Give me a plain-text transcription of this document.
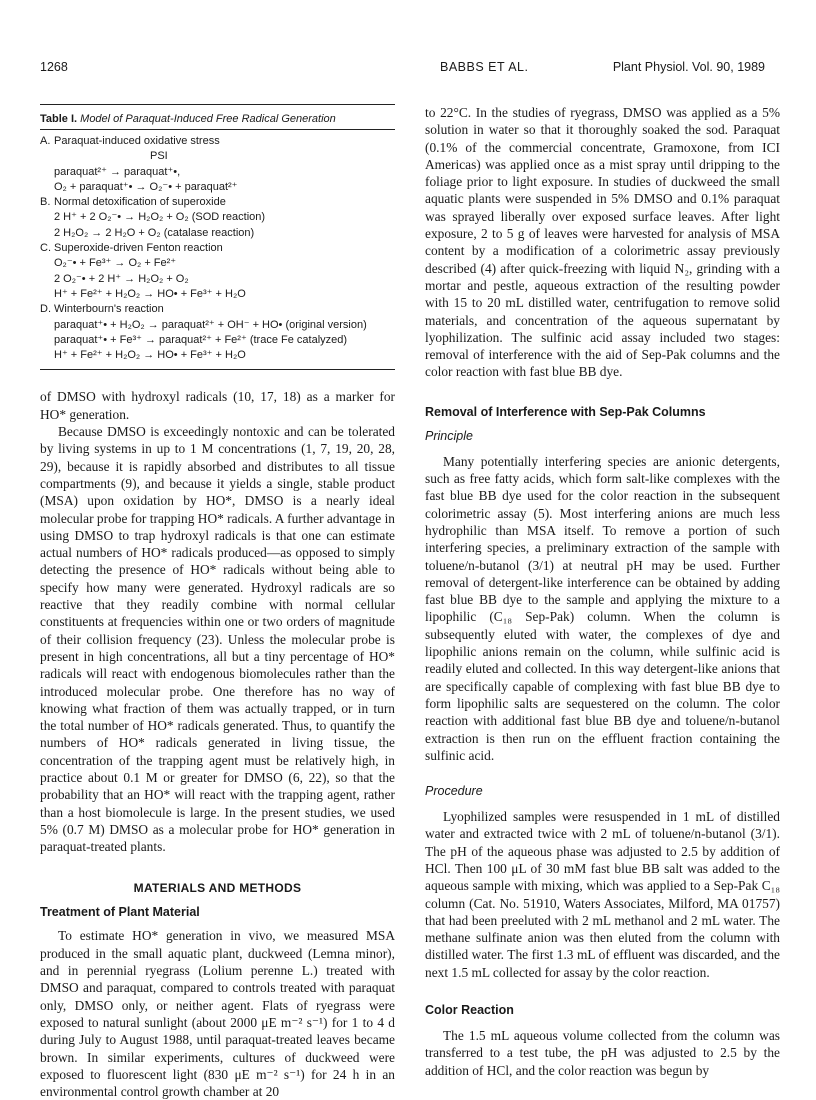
1268	BABBS ET AL.	Plant Physiol. Vol. 90, 1989
Table I. Model of Paraquat-Induced Free Radical Generation
A. Paraquat-induced oxidative stress
PSI
paraquat²⁺ → paraquat⁺•,
O₂ + paraquat⁺• → O₂⁻• + paraquat²⁺
B. Normal detoxification of superoxide
2 H⁺ + 2 O₂⁻• → H₂O₂ + O₂ (SOD reaction)
2 H₂O₂ → 2 H₂O + O₂ (catalase reaction)
C. Superoxide-driven Fenton reaction
O₂⁻• + Fe³⁺ → O₂ + Fe²⁺
2 O₂⁻• + 2 H⁺ → H₂O₂ + O₂
H⁺ + Fe²⁺ + H₂O₂ → HO• + Fe³⁺ + H₂O
D. Winterbourn's reaction
paraquat⁺• + H₂O₂ → paraquat²⁺ + OH⁻ + HO• (original version)
paraquat⁺• + Fe³⁺ → paraquat²⁺ + Fe²⁺ (trace Fe catalyzed)
H⁺ + Fe²⁺ + H₂O₂ → HO• + Fe³⁺ + H₂O

of DMSO with hydroxyl radicals (10, 17, 18) as a marker for HO* generation.

Because DMSO is exceedingly nontoxic and can be tolerated by living systems in up to 1 M concentrations (1, 7, 19, 20, 28, 29), because it is rapidly absorbed and distributes to all tissue compartments (9), and because it yields a single, stable product (MSA) upon oxidation by HO*, DMSO is a nearly ideal molecular probe for trapping HO* radicals. A further advantage in using DMSO to trap hydroxyl radicals is that one can estimate actual numbers of HO* radicals produced—as opposed to simply detecting the presence of HO* radicals without being able to specify how many were generated. Hydroxyl radicals are so reactive that they readily combine with normal cellular constituents at frequencies within one or two orders of magnitude of their collision frequency (23). Unless the molecular probe is present in high concentrations, all but a tiny percentage of HO* radicals will react with endogenous biomolecules rather than the introduced molecular probe. One therefore has no way of knowing what fraction of them was actually trapped, or in turn the total number of HO* radicals generated. Thus, to quantify the numbers of HO* radicals generated in living tissue, the concentration of the trapping agent must be relatively high, in practice about 0.1 M or greater for DMSO (6, 22), so that the probability that an HO* will react with the trapping agent, rather than a host biomolecule is large. In the present studies, we used 5% (0.7 M) DMSO as a molecular probe for HO* generation in paraquat-treated plants.

MATERIALS AND METHODS
Treatment of Plant Material

To estimate HO* generation in vivo, we measured MSA produced in the small aquatic plant, duckweed (Lemna minor), and in perennial ryegrass (Lolium perenne L.) treated with DMSO and paraquat, compared to controls treated with paraquat only, DMSO only, or neither agent. Flats of ryegrass were exposed to natural sunlight (about 2000 μE m⁻² s⁻¹) for 1 to 4 d during July to August 1988, until paraquat-treated leaves became brown. In similar experiments, cultures of duckweed were exposed to fluorescent light (830 μE m⁻² s⁻¹) for 24 h in an environmental control growth chamber at 20

to 22°C. In the studies of ryegrass, DMSO was applied as a 5% solution in water so that it thoroughly soaked the sod. Paraquat (0.1% of the commercial concentrate, Gramoxone, from ICI Americas) was applied once as a mist spray until dripping to the foliage prior to light exposure. In studies of duckweed the small aquatic plants were suspended in 5% DMSO and 0.1% paraquat was sprayed liberally over exposed surface leaves. After light exposure, 2 to 5 g of leaves were harvested for analysis of MSA content by a modification of a colorimetric assay previously described (4) after quick-freezing with liquid N₂, grinding with a mortar and pestle, aqueous extraction of the resulting powder with 15 to 20 mL distilled water, centrifugation to remove solid materials, and concentration of the aqueous supernatant by lyophilization. The sulfinic acid assay included two stages: removal of interference with the aid of Sep-Pak columns and the color reaction with fast blue BB dye.

Removal of Interference with Sep-Pak Columns
Principle

Many potentially interfering species are anionic detergents, such as free fatty acids, which form salt-like complexes with the fast blue BB dye used for the color reaction in the subsequent colorimetric assay (5). Most interfering anions are much less hydrophilic than MSA itself. To remove a portion of such interfering species, a preliminary extraction of the sample with toluene/n-butanol (3/1) at neutral pH may be used. Further removal of detergent-like interference can be obtained by adding fast blue BB dye to the sample and applying the mixture to a lipophilic (C₁₈ Sep-Pak) column. When the column is subsequently eluted with water, the complexes of dye and lipophilic anions remain on the column, while sulfinic acid is readily eluted and collected. In this way detergent-like anions that are specifically capable of complexing with fast blue BB dye to form lipophilic salts are sequestered on the column. The color reaction with additional fast blue BB dye and toluene/n-butanol extraction is then run on the effluent fraction containing the sulfinic acid.

Procedure

Lyophilized samples were resuspended in 1 mL of distilled water and extracted twice with 2 mL of toluene/n-butanol (3/1). The pH of the aqueous phase was adjusted to 2.5 by addition of HCl. Then 100 μL of 30 mM fast blue BB salt was added to the aqueous sample with mixing, which was applied to a Sep-Pak C₁₈ column (Cat. No. 51910, Waters Associates, Milford, MA 01757) that had been preeluted with 2 mL methanol and 2 mL water. The methane sulfinate anion was then eluted from the column with distilled water. The first 1.3 mL of effluent was discarded, and the next 1.5 mL collected for assay by the color reaction.

Color Reaction

The 1.5 mL aqueous volume collected from the column was transferred to a test tube, the pH was adjusted to 2.5 by the addition of HCl, and the color reaction was begun by
